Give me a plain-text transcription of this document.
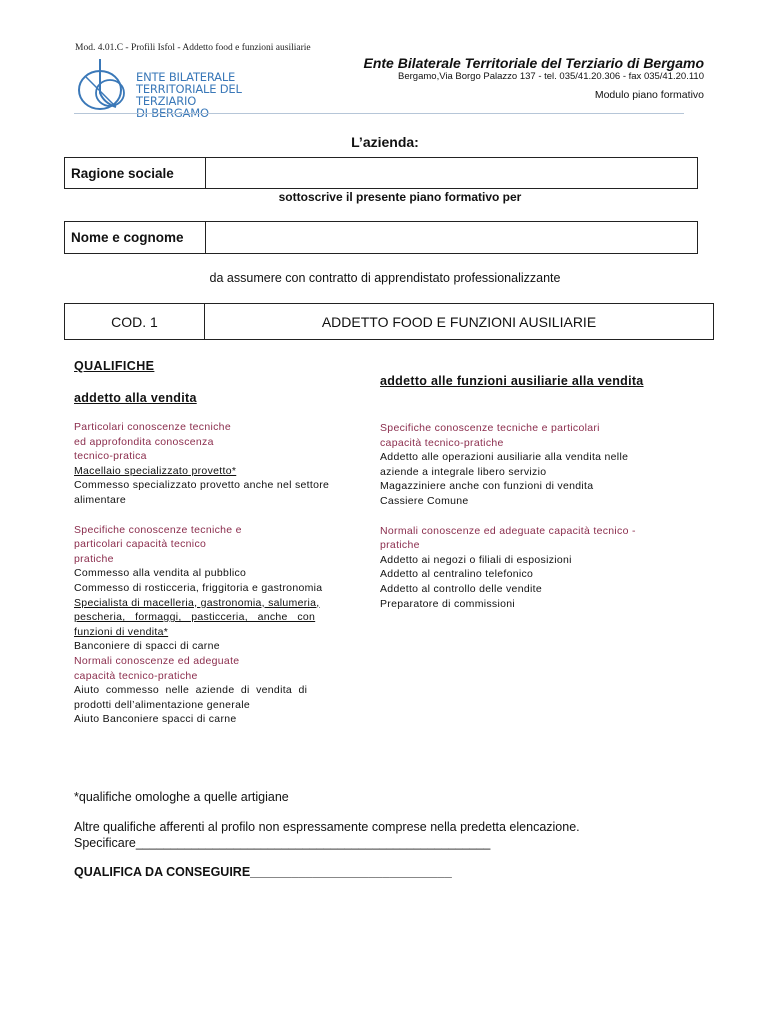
Mod. 4.01.C - Profili Isfol - Addetto food e funzioni ausiliarie
ENTE BILATERALE
TERRITORIALE DEL TERZIARIO
DI BERGAMO
Ente Bilaterale Territoriale del Terziario di Bergamo
Bergamo,Via Borgo Palazzo 137 - tel. 035/41.20.306 - fax 035/41.20.110
Modulo piano formativo
L’azienda:
Ragione sociale	
sottoscrive il presente piano formativo per
Nome e cognome	
da assumere con contratto di apprendistato professionalizzante
COD. 1	ADDETTO FOOD E FUNZIONI AUSILIARIE
QUALIFICHE
addetto alla vendita
addetto alle funzioni ausiliarie alla vendita
Particolari conoscenze tecniche
ed approfondita conoscenza
tecnico-pratica
Macellaio specializzato provetto*
Commesso specializzato provetto anche nel settore
alimentare
Specifiche conoscenze tecniche e
particolari capacità tecnico
pratiche
Commesso alla vendita al pubblico
Commesso di rosticceria, friggitoria e gastronomia
Specialista di macelleria, gastronomia, salumeria,
pescheria,   formaggi,   pasticceria,   anche   con
funzioni di vendita*
Banconiere di spacci di carne
Normali conoscenze ed adeguate
capacità tecnico-pratiche
Aiuto  commesso  nelle  aziende  di  vendita  di
prodotti dell’alimentazione generale
Aiuto Banconiere spacci di carne
Specifiche conoscenze tecniche e particolari
capacità tecnico-pratiche
Addetto alle operazioni ausiliarie alla vendita nelle
aziende a integrale libero servizio
Magazziniere anche con funzioni di vendita
Cassiere Comune
Normali conoscenze ed adeguate capacità tecnico -
pratiche
Addetto ai negozi o filiali di esposizioni
Addetto al centralino telefonico
Addetto al controllo delle vendite
Preparatore di commissioni
*qualifiche omologhe a quelle artigiane
Altre qualifiche afferenti al profilo non espressamente comprese nella predetta elencazione.
Specificare___________________________________________________
QUALIFICA DA CONSEGUIRE_____________________________
